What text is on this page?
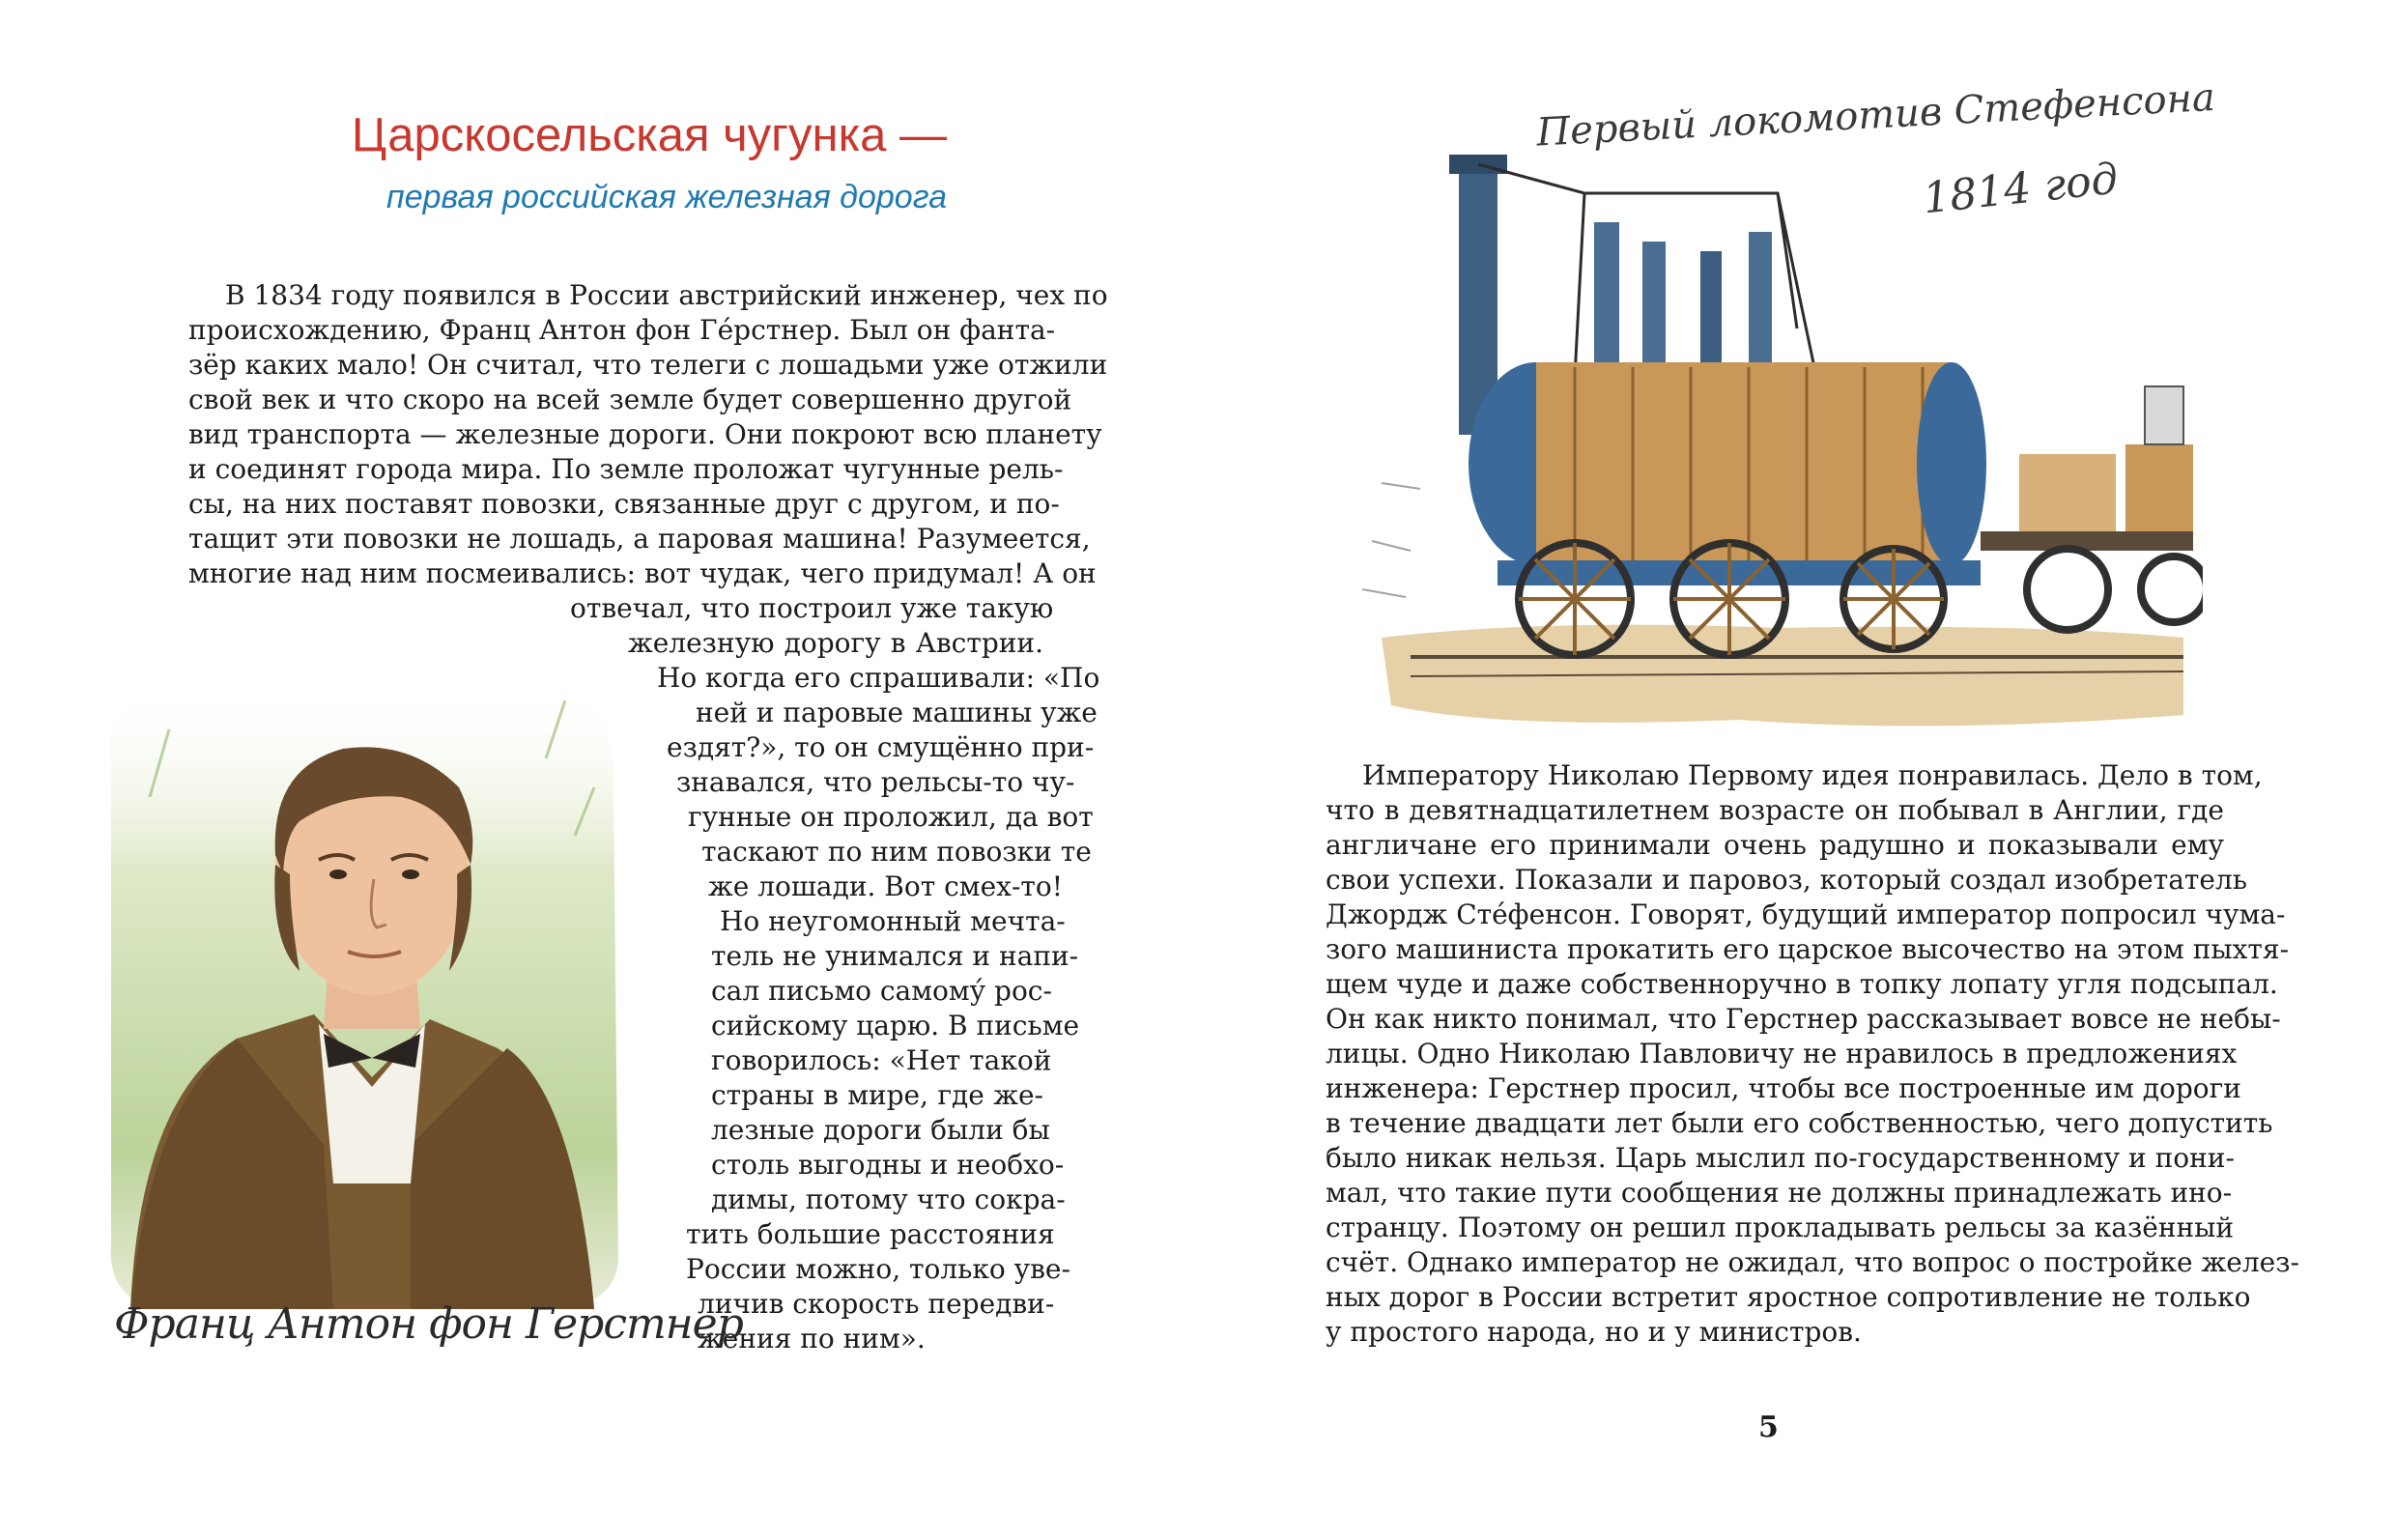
Царскосельская чугунка —
первая российская железная дорога
В 1834 году появился в России австрийский инженер, чех по
происхождению, Франц Антон фон Ге́рстнер. Был он фанта-
зёр каких мало! Он считал, что телеги с лошадьми уже отжили
свой век и что скоро на всей земле будет совершенно другой
вид транспорта — железные дороги. Они покроют всю планету
и соединят города мира. По земле проложат чугунные рель-
сы, на них поставят повозки, связанные друг с другом, и по-
тащит эти повозки не лошадь, а паровая машина! Разумеется,
многие над ним посмеивались: вот чудак, чего придумал! А он
отвечал, что построил уже такую
железную дорогу в Австрии.
Но когда его спрашивали: «По
ней и паровые машины уже
ездят?», то он смущённо при-
знавался, что рельсы-то чу-
гунные он проложил, да вот
таскают по ним повозки те
же лошади. Вот смех-то!
Но неугомонный мечта-
тель не унимался и напи-
сал письмо самому́ рос-
сийскому царю. В письме
говорилось: «Нет такой
страны в мире, где же-
лезные дороги были бы
столь выгодны и необхо-
димы, потому что сокра-
тить большие расстояния
России можно, только уве-
личив скорость передви-
жения по ним».
Франц Антон фон Герстнер
Первый локомотив Стефенсона
1814 год
Императору Николаю Первому идея понравилась. Дело в том,
что в девятнадцатилетнем возрасте он побывал в Англии, где
англичане его принимали очень радушно и показывали ему
свои успехи. Показали и паровоз, который создал изобретатель
Джордж Сте́фенсон. Говорят, будущий император попросил чума-
зого машиниста прокатить его царское высочество на этом пыхтя-
щем чуде и даже собственноручно в топку лопату угля подсыпал.
Он как никто понимал, что Герстнер рассказывает вовсе не небы-
лицы. Одно Николаю Павловичу не нравилось в предложениях
инженера: Герстнер просил, чтобы все построенные им дороги
в течение двадцати лет были его собственностью, чего допустить
было никак нельзя. Царь мыслил по-государственному и пони-
мал, что такие пути сообщения не должны принадлежать ино-
странцу. Поэтому он решил прокладывать рельсы за казённый
счёт. Однако император не ожидал, что вопрос о постройке желез-
ных дорог в России встретит яростное сопротивление не только
у простого народа, но и у министров.
5
